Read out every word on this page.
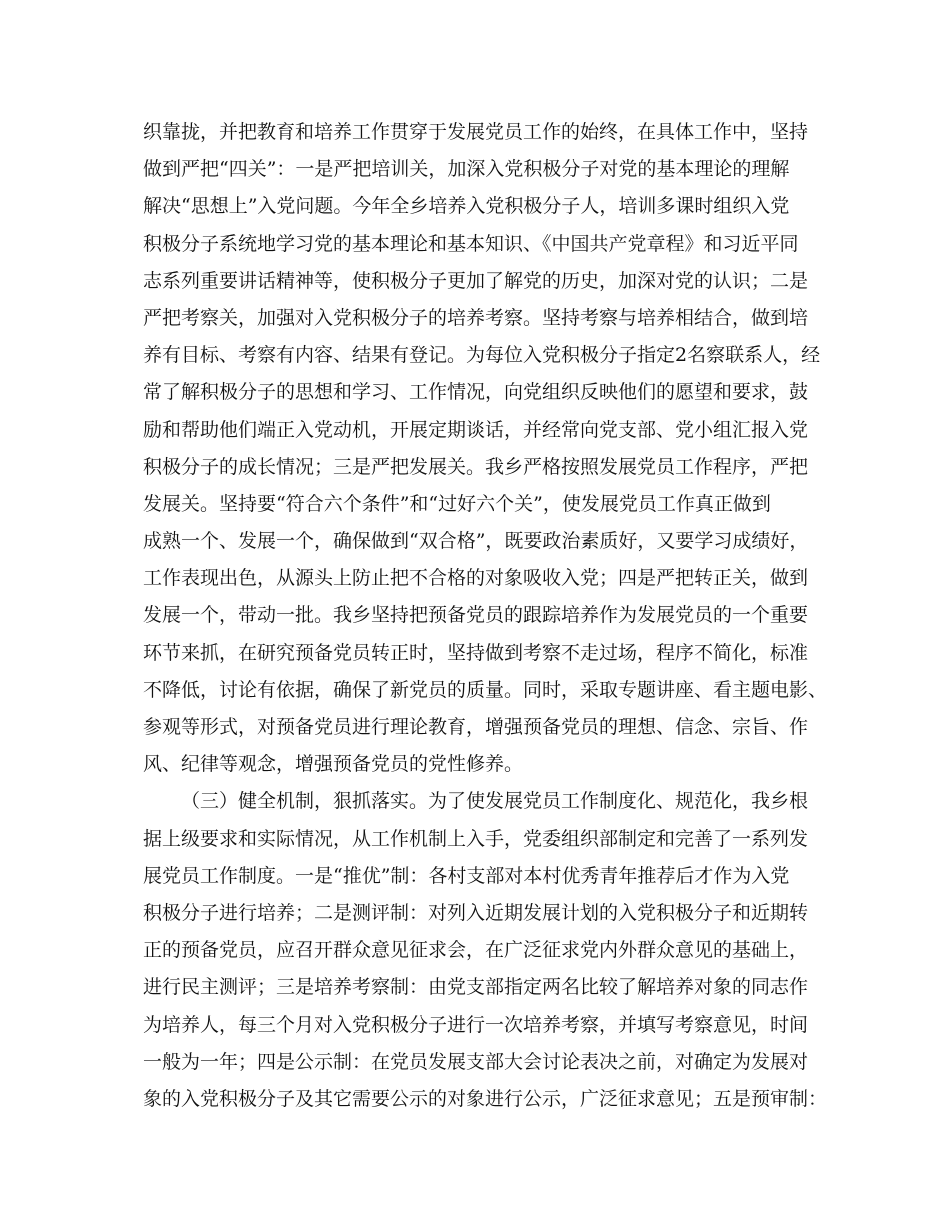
织靠拢，并把教育和培养工作贯穿于发展党员工作的始终，在具体工作中，坚持
做到严把“四关”：一是严把培训关，加深入党积极分子对党的基本理论的理解
解决“思想上”入党问题。今年全乡培养入党积极分子人，培训多课时组织入党
积极分子系统地学习党的基本理论和基本知识、《中国共产党章程》和习近平同
志系列重要讲话精神等，使积极分子更加了解党的历史，加深对党的认识；二是
严把考察关，加强对入党积极分子的培养考察。坚持考察与培养相结合，做到培
养有目标、考察有内容、结果有登记。为每位入党积极分子指定2名察联系人，经
常了解积极分子的思想和学习、工作情况，向党组织反映他们的愿望和要求，鼓
励和帮助他们端正入党动机，开展定期谈话，并经常向党支部、党小组汇报入党
积极分子的成长情况；三是严把发展关。我乡严格按照发展党员工作程序，严把
发展关。坚持要“符合六个条件”和“过好六个关”，使发展党员工作真正做到
成熟一个、发展一个，确保做到“双合格”，既要政治素质好，又要学习成绩好，
工作表现出色，从源头上防止把不合格的对象吸收入党；四是严把转正关，做到
发展一个，带动一批。我乡坚持把预备党员的跟踪培养作为发展党员的一个重要
环节来抓，在研究预备党员转正时，坚持做到考察不走过场，程序不简化，标准
不降低，讨论有依据，确保了新党员的质量。同时，采取专题讲座、看主题电影、
参观等形式，对预备党员进行理论教育，增强预备党员的理想、信念、宗旨、作
风、纪律等观念，增强预备党员的党性修养。
（三）健全机制，狠抓落实。为了使发展党员工作制度化、规范化，我乡根
据上级要求和实际情况，从工作机制上入手，党委组织部制定和完善了一系列发
展党员工作制度。一是“推优”制：各村支部对本村优秀青年推荐后才作为入党
积极分子进行培养；二是测评制：对列入近期发展计划的入党积极分子和近期转
正的预备党员，应召开群众意见征求会，在广泛征求党内外群众意见的基础上，
进行民主测评；三是培养考察制：由党支部指定两名比较了解培养对象的同志作
为培养人，每三个月对入党积极分子进行一次培养考察，并填写考察意见，时间
一般为一年；四是公示制：在党员发展支部大会讨论表决之前，对确定为发展对
象的入党积极分子及其它需要公示的对象进行公示，广泛征求意见；五是预审制：
